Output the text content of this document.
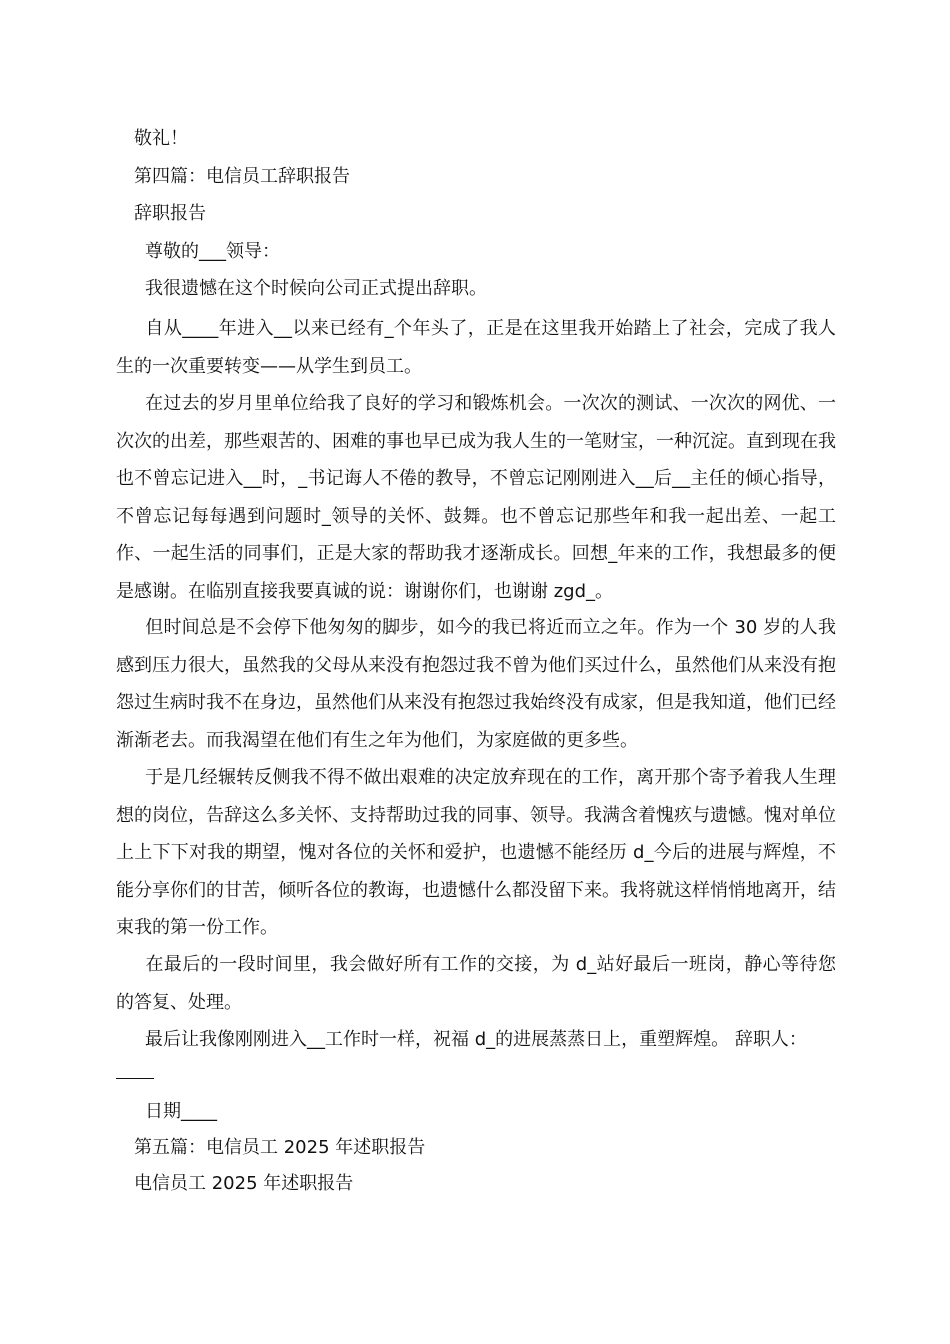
敬礼！
第四篇：电信员工辞职报告
辞职报告
尊敬的___领导：
我很遗憾在这个时候向公司正式提出辞职。

自从____年进入__以来已经有_个年头了，正是在这里我开始踏上了社会，完成了我人生的一次重要转变——从学生到员工。

在过去的岁月里单位给我了良好的学习和锻炼机会。一次次的测试、一次次的网优、一次次的出差，那些艰苦的、困难的事也早已成为我人生的一笔财宝，一种沉淀。直到现在我也不曾忘记进入__时，_书记诲人不倦的教导，不曾忘记刚刚进入__后__主任的倾心指导，不曾忘记每每遇到问题时_领导的关怀、鼓舞。也不曾忘记那些年和我一起出差、一起工作、一起生活的同事们，正是大家的帮助我才逐渐成长。回想_年来的工作，我想最多的便是感谢。在临别直接我要真诚的说：谢谢你们，也谢谢 zgd_。

但时间总是不会停下他匆匆的脚步，如今的我已将近而立之年。作为一个 30 岁的人我感到压力很大，虽然我的父母从来没有抱怨过我不曾为他们买过什么，虽然他们从来没有抱怨过生病时我不在身边，虽然他们从来没有抱怨过我始终没有成家，但是我知道，他们已经渐渐老去。而我渴望在他们有生之年为他们，为家庭做的更多些。

于是几经辗转反侧我不得不做出艰难的决定放弃现在的工作，离开那个寄予着我人生理想的岗位，告辞这么多关怀、支持帮助过我的同事、领导。我满含着愧疚与遗憾。愧对单位上上下下对我的期望，愧对各位的关怀和爱护，也遗憾不能经历 d_今后的进展与辉煌，不能分享你们的甘苦，倾听各位的教诲，也遗憾什么都没留下来。我将就这样悄悄地离开，结束我的第一份工作。

在最后的一段时间里，我会做好所有工作的交接，为 d_站好最后一班岗，静心等待您的答复、处理。

最后让我像刚刚进入__工作时一样，祝福 d_的进展蒸蒸日上，重塑辉煌。 辞职人：

日期____
第五篇：电信员工 2025 年述职报告
电信员工 2025 年述职报告
